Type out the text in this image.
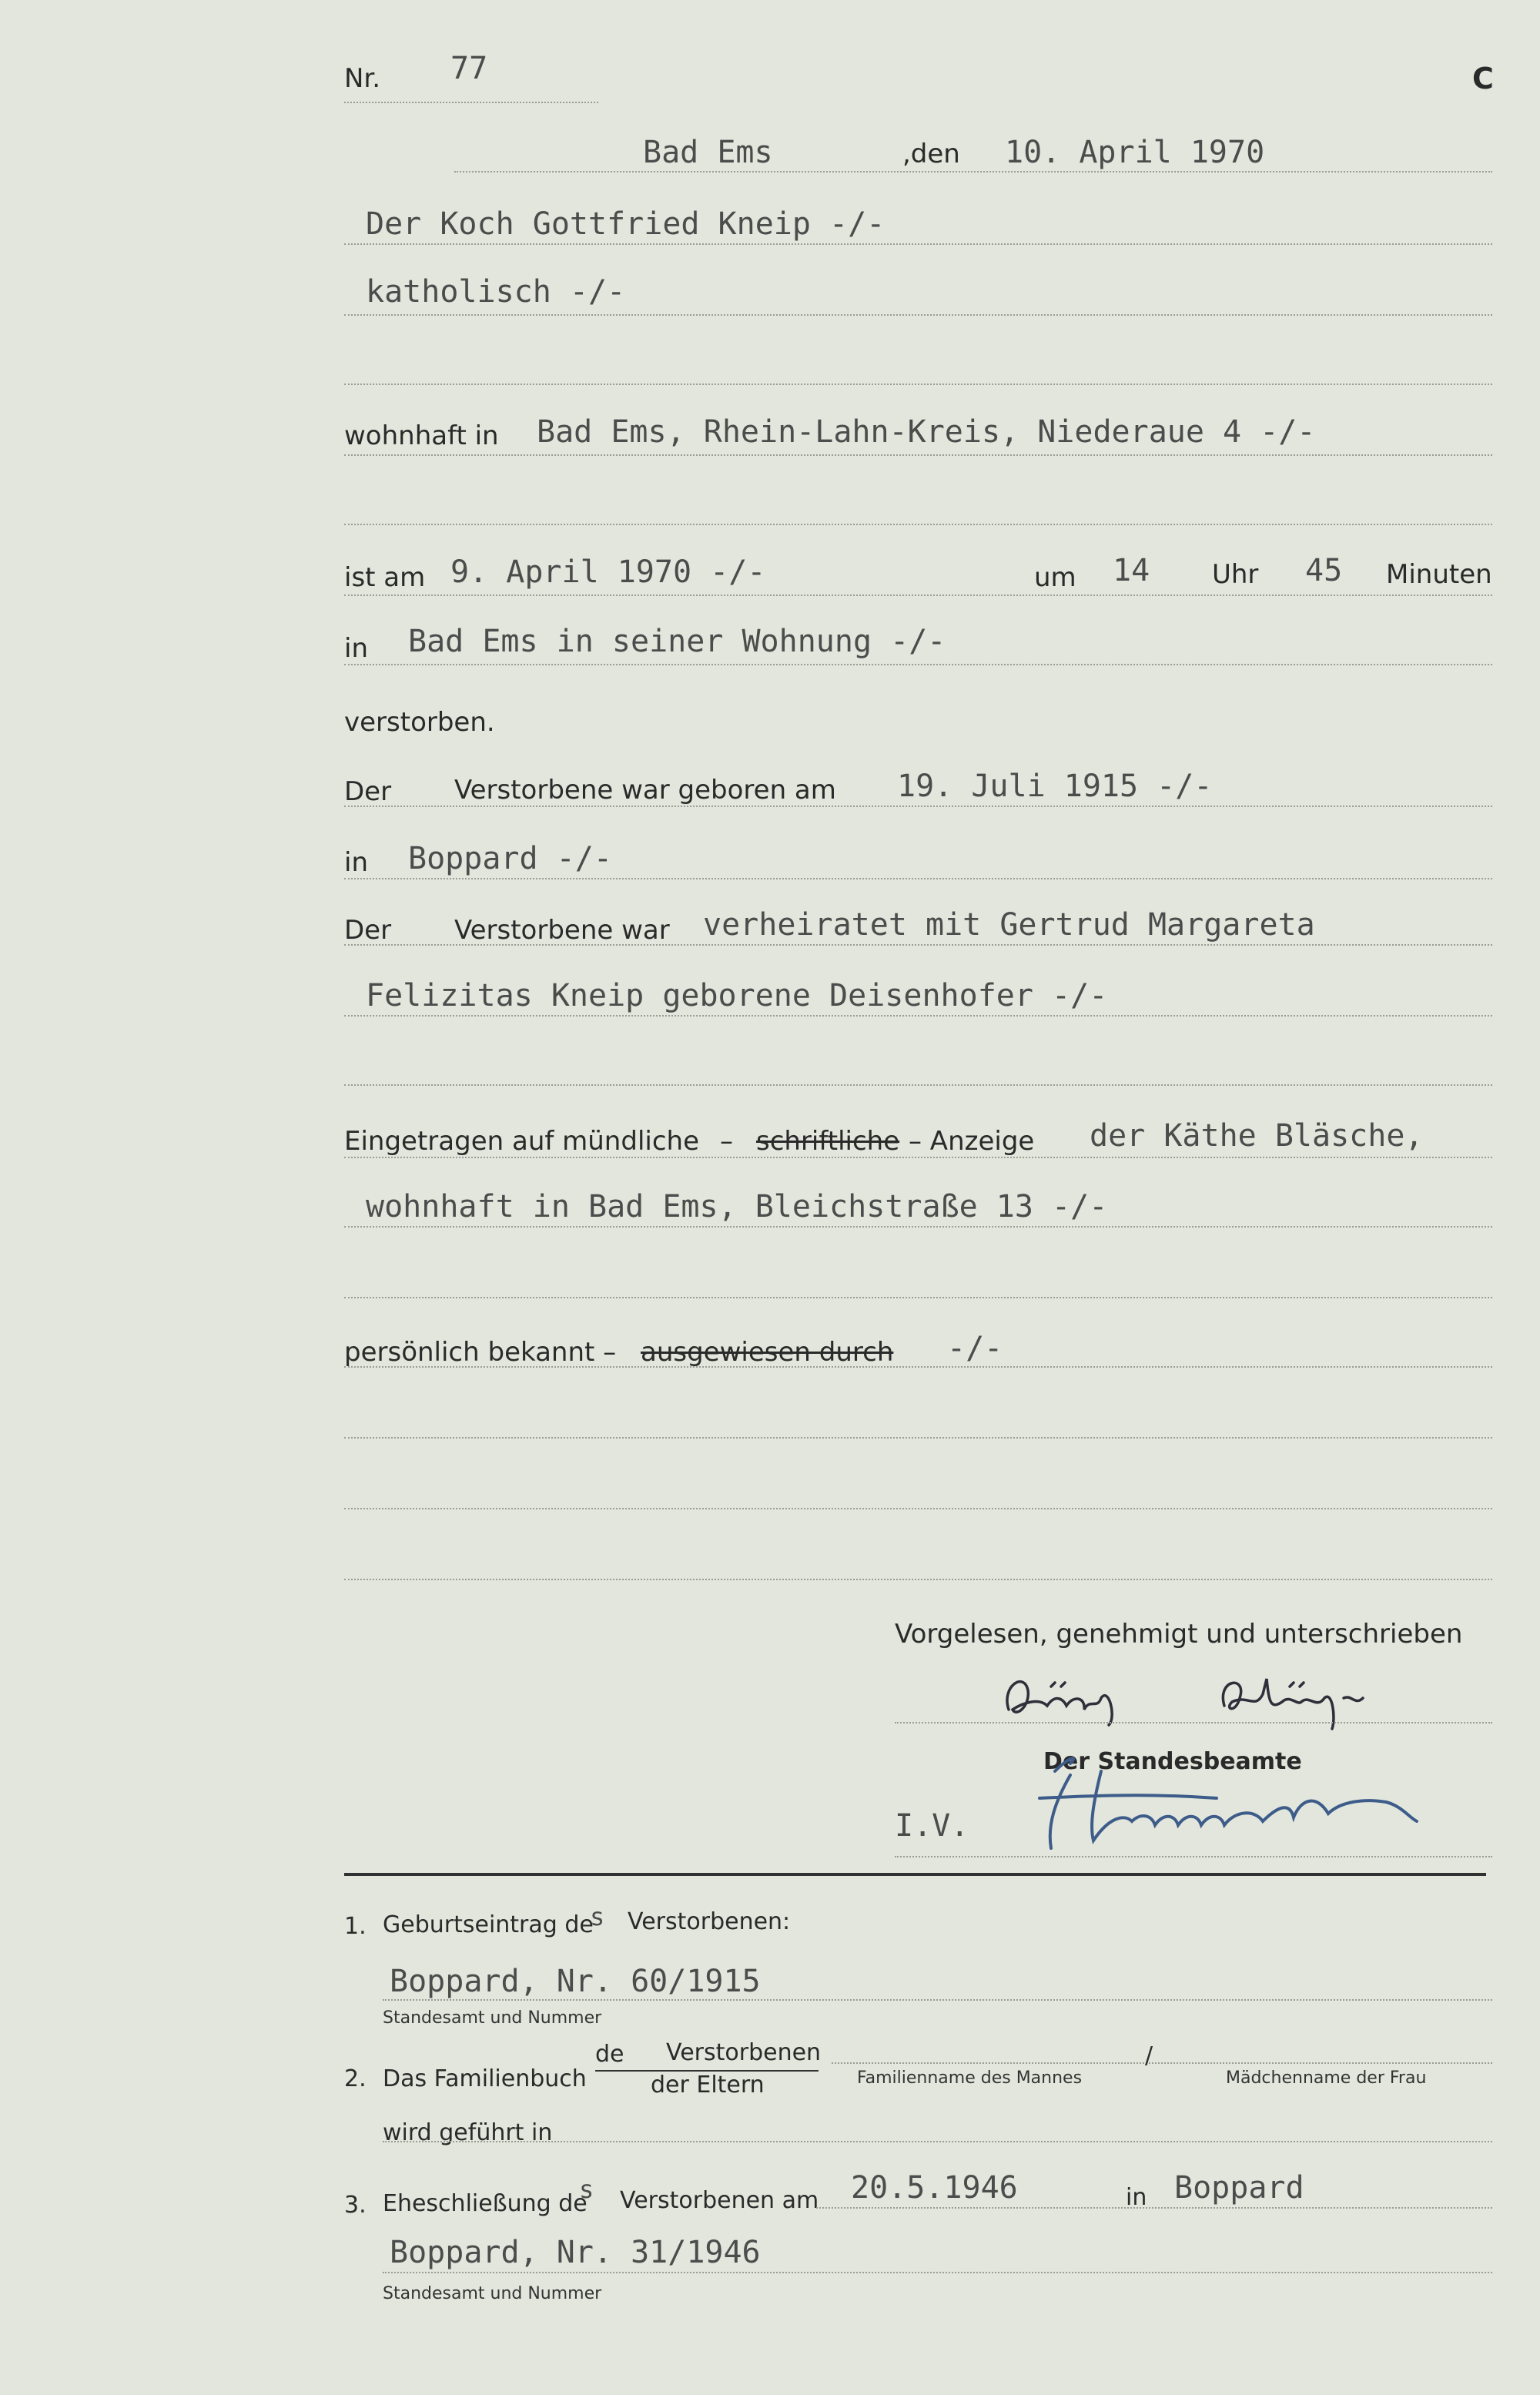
Nr. 77	C
Bad Ems	,den 10. April 1970
Der Koch Gottfried Kneip -/-
katholisch -/-
wohnhaft in Bad Ems, Rhein-Lahn-Kreis, Niederaue 4 -/-
ist am 9. April 1970 -/-	um 14 Uhr 45 Minuten
in Bad Ems in seiner Wohnung -/-
verstorben.
Der Verstorbene war geboren am 19. Juli 1915 -/-
in Boppard -/-
Der Verstorbene war verheiratet mit Gertrud Margareta
Felizitas Kneip geborene Deisenhofer -/-
Eingetragen auf mündliche – schriftliche – Anzeige der Käthe Bläsche,
wohnhaft in Bad Ems, Bleichstraße 13 -/-
persönlich bekannt – ausgewiesen durch -/-
Vorgelesen, genehmigt und unterschrieben
Der Standesbeamte
I.V.
1. Geburtseintrag de
s Verstorbenen:
Boppard, Nr. 60/1915
Standesamt und Nummer
2. Das Familienbuch
de Verstorbenen
der Eltern	Familienname des Mannes
/
Mädchenname der Frau
wird geführt in
3. Eheschließung de
s Verstorbenen am 20.5.1946	in Boppard
Boppard, Nr. 31/1946
Standesamt und Nummer
